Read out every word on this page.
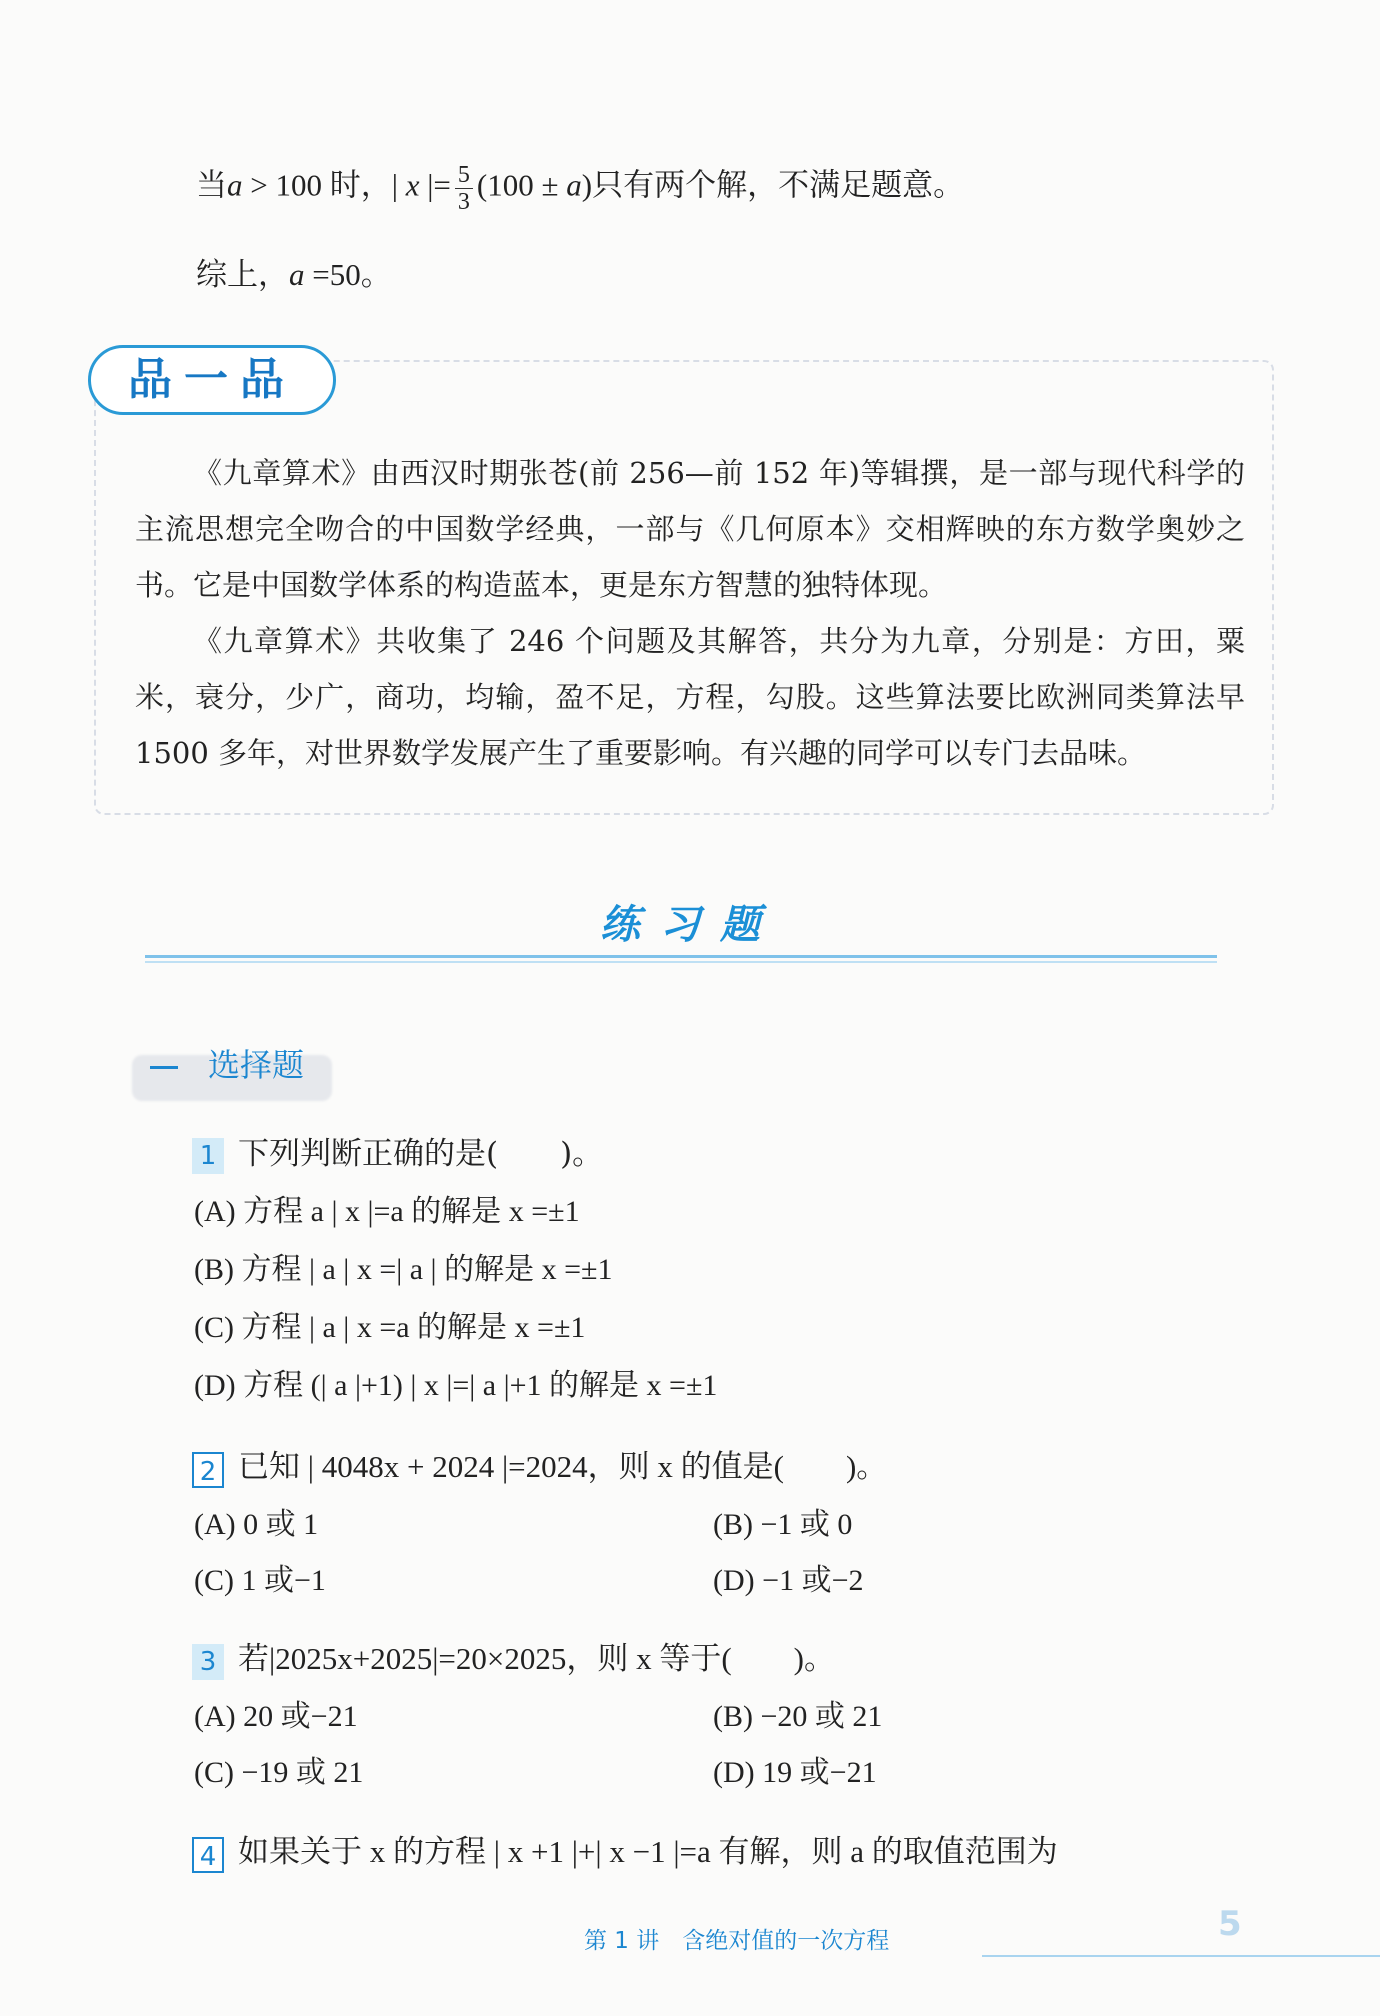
当a > 100 时，| x |= $\frac{5}{3} (100 \pm a)$只有两个解，不满足题意。
综上，a =50。
品一品
《九章算术》由西汉时期张苍(前 256—前 152 年)等辑撰，是一部与现代科学的主流思想完全吻合的中国数学经典，一部与《几何原本》交相辉映的东方数学奥妙之书。它是中国数学体系的构造蓝本，更是东方智慧的独特体现。
《九章算术》共收集了 246 个问题及其解答，共分为九章，分别是：方田，粟米，衰分，少广，商功，均输，盈不足，方程，勾股。这些算法要比欧洲同类算法早 1500 多年，对世界数学发展产生了重要影响。有兴趣的同学可以专门去品味。
练习题
选择题
1 下列判断正确的是(　　)。
(A) 方程 a | x |=a 的解是 x =±1
(B) 方程 | a | x =| a | 的解是 x =±1
(C) 方程 | a | x =a 的解是 x =±1
(D) 方程 (| a |+1) | x |=| a |+1 的解是 x =±1
2 已知 | 4048x + 2024 |=2024，则 x 的值是(　　)。
(A) 0 或 1	(B) −1 或 0
(C) 1 或−1	(D) −1 或−2
3 若|2025x+2025|=20×2025，则 x 等于(　　)。
(A) 20 或−21	(B) −20 或 21
(C) −19 或 21	(D) 19 或−21
4 如果关于 x 的方程 | x +1 |+| x −1 |=a 有解，则 a 的取值范围为
第 1 讲　含绝对值的一次方程	5
